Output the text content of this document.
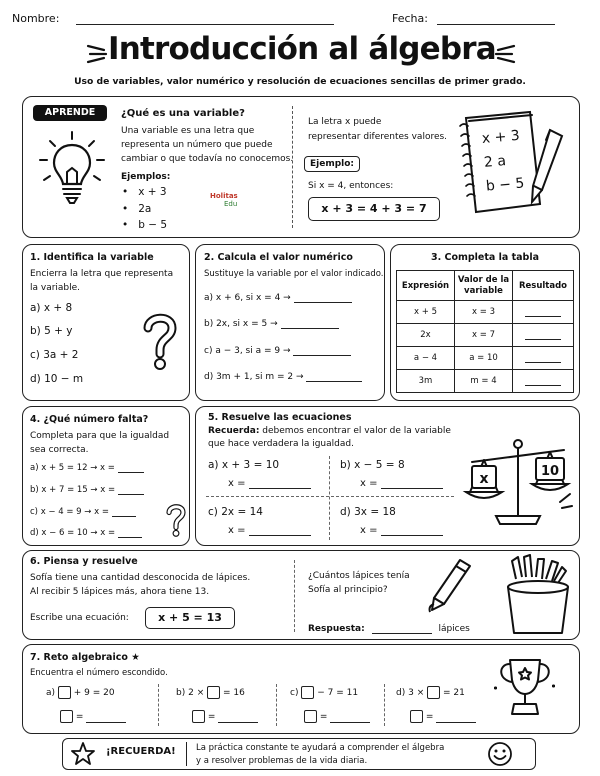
Nombre:	Fecha:
Introducción al álgebra
Uso de variables, valor numérico y resolución de ecuaciones sencillas de primer grado.
APRENDE	¿Qué es una variable?
Una variable es una letra que
representa un número que puede
cambiar o que todavía no conocemos.
Ejemplos:
•   x + 3
•   2a
•   b − 5
Holitas
Edu
La letra x puede
representar diferentes valores.
Ejemplo:
Si x = 4, entonces:
x + 3 = 4 + 3 = 7
x + 3
2 a
b − 5
1. Identifica la variable
Encierra la letra que representa
la variable.
a) x + 8
b) 5 + y
c) 3a + 2
d) 10 − m
2. Calcula el valor numérico
Sustituye la variable por el valor indicado.
a) x + 6, si x = 4 →
b) 2x, si x = 5 →
c) a − 3, si a = 9 →
d) 3m + 1, si m = 2 →
3. Completa la tabla
Expresión	Valor de la variable	Resultado
x + 5	x = 3	
2x	x = 7	
a − 4	a = 10	
3m	m = 4	
4. ¿Qué número falta?
Completa para que la igualdad
sea correcta.
a) x + 5 = 12 → x =
b) x + 7 = 15 → x =
c) x − 4 = 9 → x =
d) x − 6 = 10 → x =
5. Resuelve las ecuaciones
Recuerda: debemos encontrar el valor de la variable
que hace verdadera la igualdad.
a) x + 3 = 10
x =
b) x − 5 = 8
x =
c) 2x = 14
x =
d) 3x = 18
x =
x	10
6. Piensa y resuelve
Sofía tiene una cantidad desconocida de lápices.
Al recibir 5 lápices más, ahora tiene 13.
Escribe una ecuación:	x + 5 = 13
¿Cuántos lápices tenía
Sofía al principio?
Respuesta:	lápices
7. Reto algebraico ★
Encuentra el número escondido.
a) + 9 = 20
=
b) 2 × = 16
=
c) − 7 = 11
=
d) 3 × = 21
=
¡RECUERDA! La práctica constante te ayudará a comprender el álgebra
y a resolver problemas de la vida diaria.
